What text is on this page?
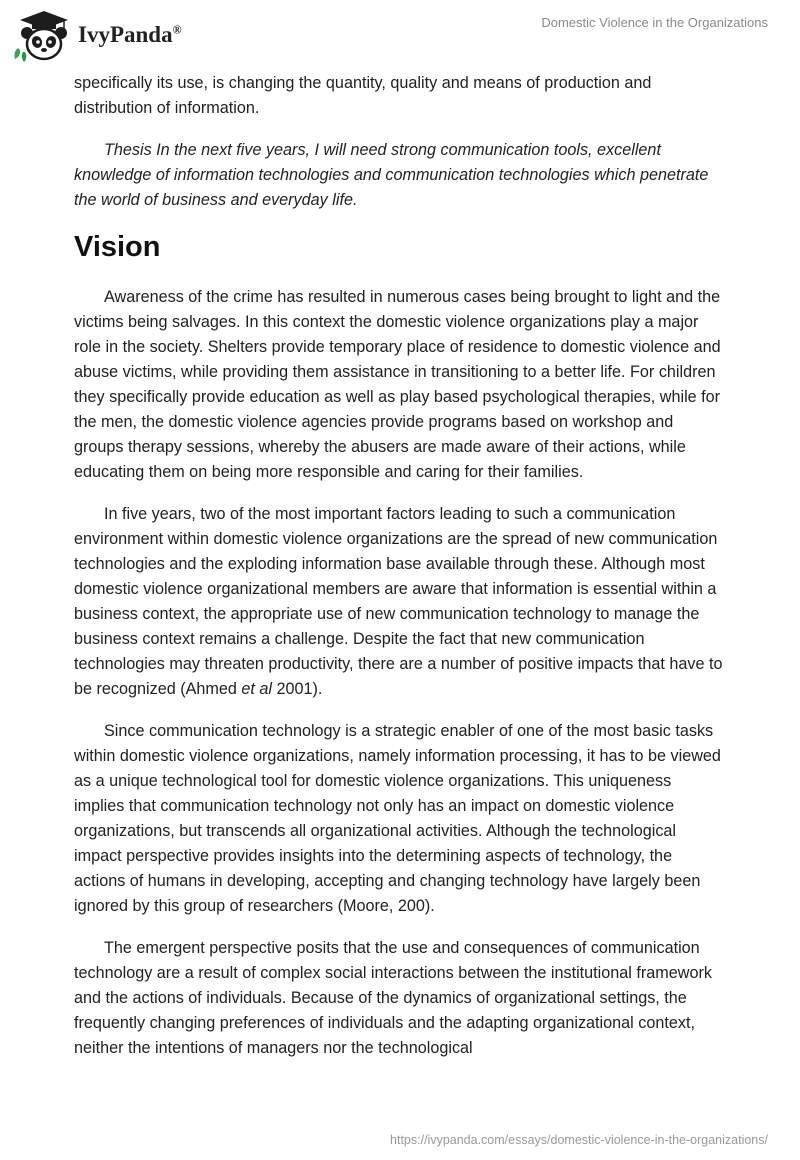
IvyPanda®	Domestic Violence in the Organizations

specifically its use, is changing the quantity, quality and means of production and distribution of information.

Thesis In the next five years, I will need strong communication tools, excellent knowledge of information technologies and communication technologies which penetrate the world of business and everyday life.

Vision

Awareness of the crime has resulted in numerous cases being brought to light and the victims being salvages. In this context the domestic violence organizations play a major role in the society. Shelters provide temporary place of residence to domestic violence and abuse victims, while providing them assistance in transitioning to a better life. For children they specifically provide education as well as play based psychological therapies, while for the men, the domestic violence agencies provide programs based on workshop and groups therapy sessions, whereby the abusers are made aware of their actions, while educating them on being more responsible and caring for their families.

In five years, two of the most important factors leading to such a communication environment within domestic violence organizations are the spread of new communication technologies and the exploding information base available through these. Although most domestic violence organizational members are aware that information is essential within a business context, the appropriate use of new communication technology to manage the business context remains a challenge. Despite the fact that new communication technologies may threaten productivity, there are a number of positive impacts that have to be recognized (Ahmed et al 2001).

Since communication technology is a strategic enabler of one of the most basic tasks within domestic violence organizations, namely information processing, it has to be viewed as a unique technological tool for domestic violence organizations. This uniqueness implies that communication technology not only has an impact on domestic violence organizations, but transcends all organizational activities. Although the technological impact perspective provides insights into the determining aspects of technology, the actions of humans in developing, accepting and changing technology have largely been ignored by this group of researchers (Moore, 200).

The emergent perspective posits that the use and consequences of communication technology are a result of complex social interactions between the institutional framework and the actions of individuals. Because of the dynamics of organizational settings, the frequently changing preferences of individuals and the adapting organizational context, neither the intentions of managers nor the technological

https://ivypanda.com/essays/domestic-violence-in-the-organizations/
